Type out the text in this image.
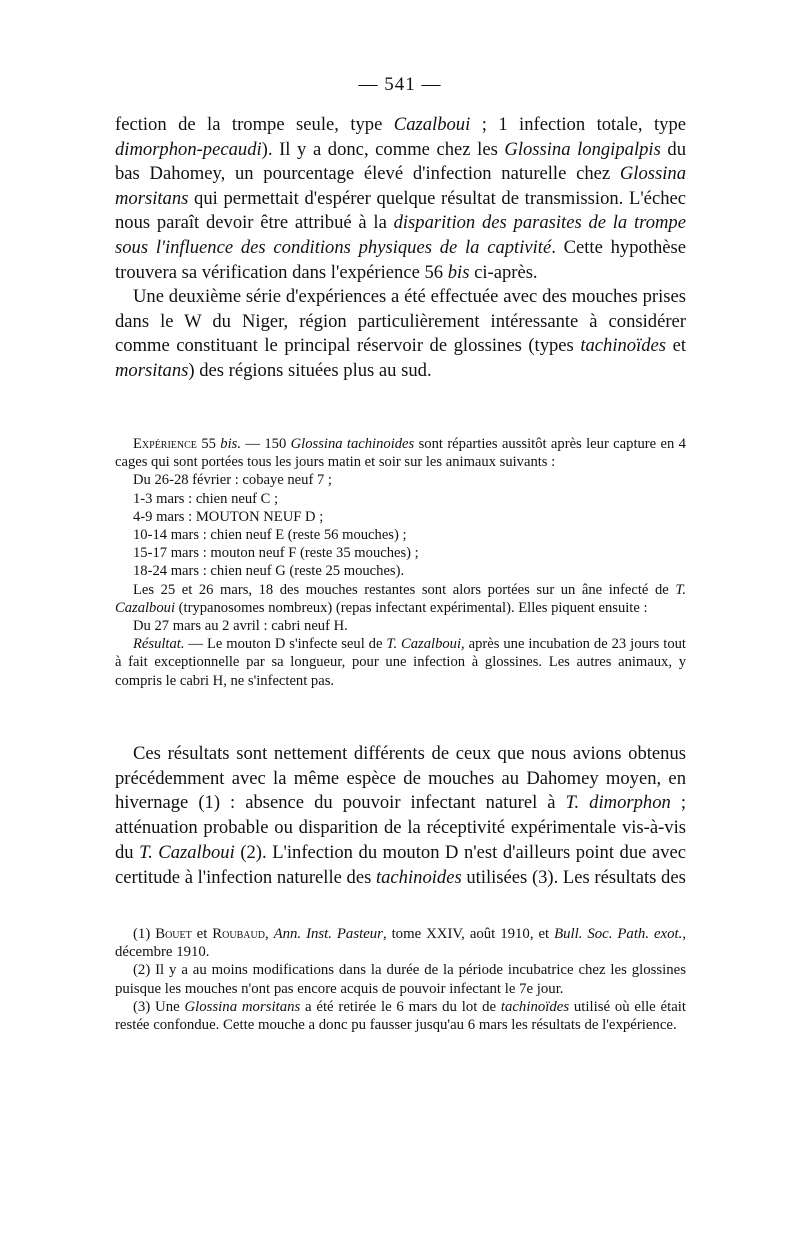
— 541 —

fection de la trompe seule, type Cazalboui ; 1 infection totale, type dimorphon-pecaudi). Il y a donc, comme chez les Glossina longipalpis du bas Dahomey, un pourcentage élevé d'infection naturelle chez Glossina morsitans qui permettait d'espérer quelque résultat de transmission. L'échec nous paraît devoir être attribué à la disparition des parasites de la trompe sous l'influence des conditions physiques de la captivité. Cette hypothèse trouvera sa vérification dans l'expérience 56 bis ci-après.

Une deuxième série d'expériences a été effectuée avec des mouches prises dans le W du Niger, région particulièrement intéressante à considérer comme constituant le principal réservoir de glossines (types tachinoïdes et morsitans) des régions situées plus au sud.

Expérience 55 bis. — 150 Glossina tachinoides sont réparties aussitôt après leur capture en 4 cages qui sont portées tous les jours matin et soir sur les animaux suivants :

Du 26-28 février : cobaye neuf 7 ;
1-3 mars : chien neuf C ;
4-9 mars : MOUTON NEUF D ;
10-14 mars : chien neuf E (reste 56 mouches) ;
15-17 mars : mouton neuf F (reste 35 mouches) ;
18-24 mars : chien neuf G (reste 25 mouches).

Les 25 et 26 mars, 18 des mouches restantes sont alors portées sur un âne infecté de T. Cazalboui (trypanosomes nombreux) (repas infectant expérimental). Elles piquent ensuite :

Du 27 mars au 2 avril : cabri neuf H.

Résultat. — Le mouton D s'infecte seul de T. Cazalboui, après une incubation de 23 jours tout à fait exceptionnelle par sa longueur, pour une infection à glossines. Les autres animaux, y compris le cabri H, ne s'infectent pas.

Ces résultats sont nettement différents de ceux que nous avions obtenus précédemment avec la même espèce de mouches au Dahomey moyen, en hivernage (1) : absence du pouvoir infectant naturel à T. dimorphon ; atténuation probable ou disparition de la réceptivité expérimentale vis-à-vis du T. Cazalboui (2). L'infection du mouton D n'est d'ailleurs point due avec certitude à l'infection naturelle des tachinoides utilisées (3). Les résultats des

(1) Bouet et Roubaud, Ann. Inst. Pasteur, tome XXIV, août 1910, et Bull. Soc. Path. exot., décembre 1910.

(2) Il y a au moins modifications dans la durée de la période incubatrice chez les glossines puisque les mouches n'ont pas encore acquis de pouvoir infectant le 7e jour.

(3) Une Glossina morsitans a été retirée le 6 mars du lot de tachinoïdes utilisé où elle était restée confondue. Cette mouche a donc pu fausser jusqu'au 6 mars les résultats de l'expérience.
